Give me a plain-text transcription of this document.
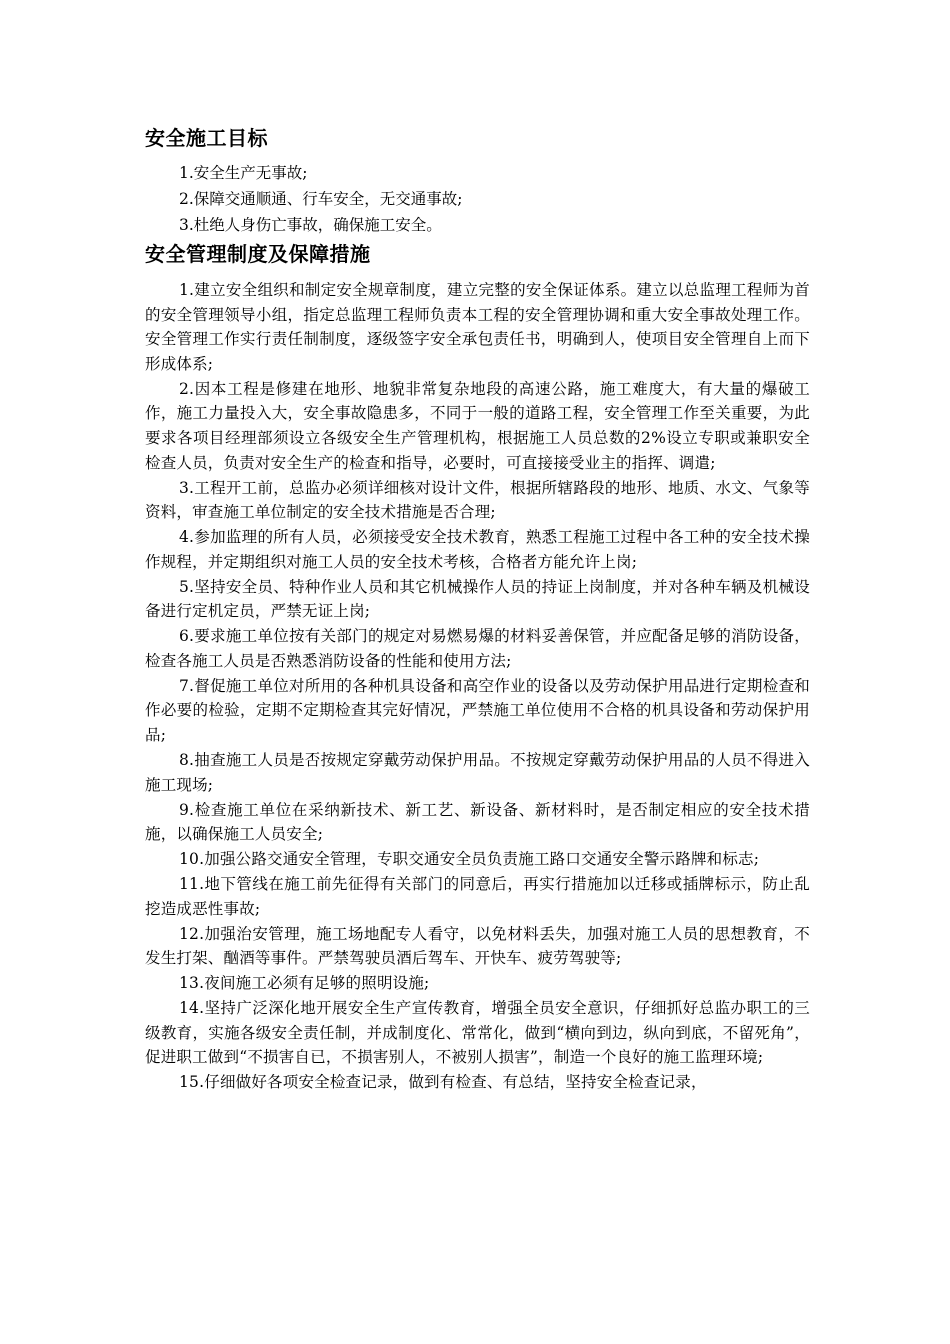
安全施工目标
1.安全生产无事故;
2.保障交通顺通、行车安全，无交通事故;
3.杜绝人身伤亡事故，确保施工安全。
安全管理制度及保障措施
1.建立安全组织和制定安全规章制度，建立完整的安全保证体系。建立以总监理工程师为首的安全管理领导小组，指定总监理工程师负责本工程的安全管理协调和重大安全事故处理工作。安全管理工作实行责任制制度，逐级签字安全承包责任书，明确到人，使项目安全管理自上而下形成体系;
2.因本工程是修建在地形、地貌非常复杂地段的高速公路，施工难度大，有大量的爆破工作，施工力量投入大，安全事故隐患多，不同于一般的道路工程，安全管理工作至关重要，为此要求各项目经理部须设立各级安全生产管理机构，根据施工人员总数的2%设立专职或兼职安全检查人员，负责对安全生产的检查和指导，必要时，可直接接受业主的指挥、调遣;
3.工程开工前，总监办必须详细核对设计文件，根据所辖路段的地形、地质、水文、气象等资料，审查施工单位制定的安全技术措施是否合理;
4.参加监理的所有人员，必须接受安全技术教育，熟悉工程施工过程中各工种的安全技术操作规程，并定期组织对施工人员的安全技术考核，合格者方能允许上岗;
5.坚持安全员、特种作业人员和其它机械操作人员的持证上岗制度，并对各种车辆及机械设备进行定机定员，严禁无证上岗;
6.要求施工单位按有关部门的规定对易燃易爆的材料妥善保管，并应配备足够的消防设备，检查各施工人员是否熟悉消防设备的性能和使用方法;
7.督促施工单位对所用的各种机具设备和高空作业的设备以及劳动保护用品进行定期检查和作必要的检验，定期不定期检查其完好情况，严禁施工单位使用不合格的机具设备和劳动保护用品;
8.抽查施工人员是否按规定穿戴劳动保护用品。不按规定穿戴劳动保护用品的人员不得进入施工现场;
9.检查施工单位在采纳新技术、新工艺、新设备、新材料时，是否制定相应的安全技术措施，以确保施工人员安全;
10.加强公路交通安全管理，专职交通安全员负责施工路口交通安全警示路牌和标志;
11.地下管线在施工前先征得有关部门的同意后，再实行措施加以迁移或插牌标示，防止乱挖造成恶性事故;
12.加强治安管理，施工场地配专人看守，以免材料丢失，加强对施工人员的思想教育，不发生打架、酗酒等事件。严禁驾驶员酒后驾车、开快车、疲劳驾驶等;
13.夜间施工必须有足够的照明设施;
14.坚持广泛深化地开展安全生产宣传教育，增强全员安全意识，仔细抓好总监办职工的三级教育，实施各级安全责任制，并成制度化、常常化，做到“横向到边，纵向到底，不留死角”，促进职工做到“不损害自已，不损害别人，不被别人损害”，制造一个良好的施工监理环境;
15.仔细做好各项安全检查记录，做到有检查、有总结，坚持安全检查记录，
